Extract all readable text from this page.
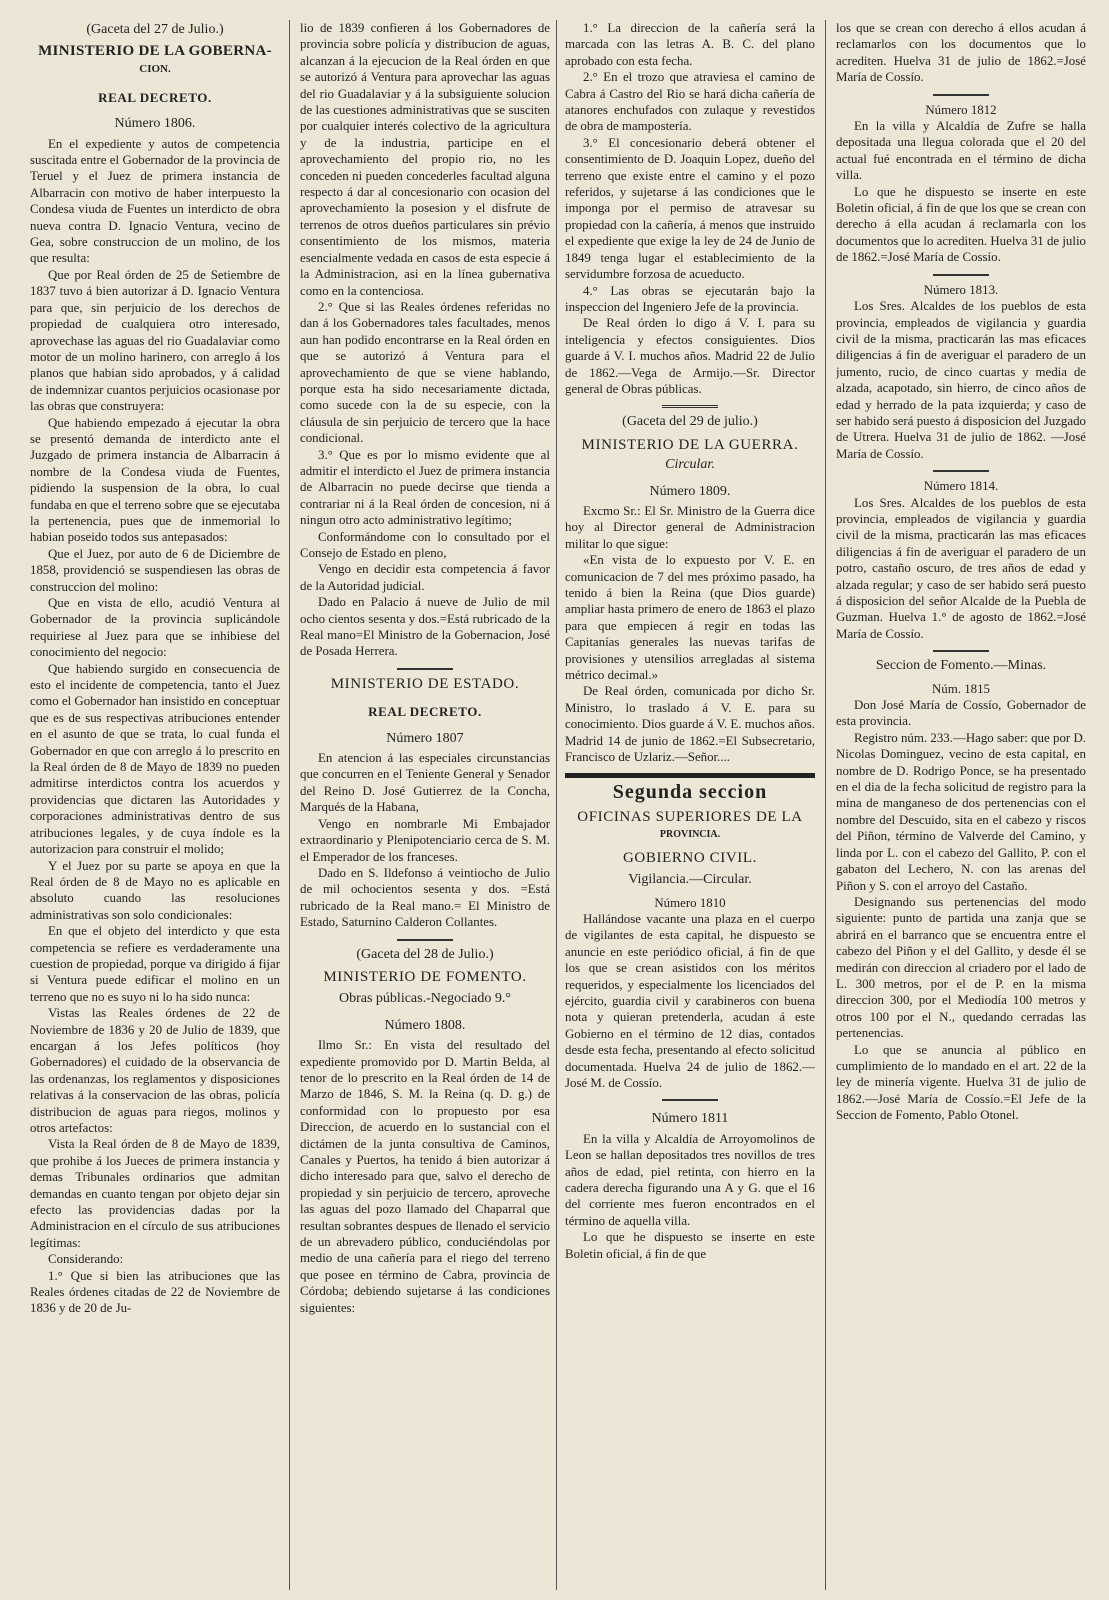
(Gaceta del 27 de Julio.)
MINISTERIO DE LA GOBERNA-
CION.
REAL DECRETO.
Número 1806.

En el expediente y autos de competencia suscitada entre el Gobernador de la provincia de Teruel y el Juez de primera instancia de Albarracin con motivo de haber interpuesto la Condesa viuda de Fuentes un interdicto de obra nueva contra D. Ignacio Ventura, vecino de Gea, sobre construccion de un molino, de los que resulta:

Que por Real órden de 25 de Setiembre de 1837 tuvo á bien autorizar á D. Ignacio Ventura para que, sin perjuicio de los derechos de propiedad de cualquiera otro interesado, aprovechase las aguas del rio Guadalaviar como motor de un molino harinero, con arreglo á los planos que habian sido aprobados, y á calidad de indemnizar cuantos perjuicios ocasionase por las obras que construyera:

Que habiendo empezado á ejecutar la obra se presentó demanda de interdicto ante el Juzgado de primera instancia de Albarracin á nombre de la Condesa viuda de Fuentes, pidiendo la suspension de la obra, lo cual fundaba en que el terreno sobre que se ejecutaba la pertenencia, pues que de inmemorial lo habian poseido todos sus antepasados:

Que el Juez, por auto de 6 de Diciembre de 1858, providenció se suspendiesen las obras de construccion del molino:

Que en vista de ello, acudió Ventura al Gobernador de la provincia suplicándole requiriese al Juez para que se inhibiese del conocimiento del negocio:

Que habiendo surgido en consecuencia de esto el incidente de competencia, tanto el Juez como el Gobernador han insistido en conceptuar que es de sus respectivas atribuciones entender en el asunto de que se trata, lo cual funda el Gobernador en que con arreglo á lo prescrito en la Real órden de 8 de Mayo de 1839 no pueden admitirse interdictos contra los acuerdos y providencias que dictaren las Autoridades y corporaciones administrativas dentro de sus atribuciones legales, y de cuya índole es la autorizacion para construir el molido;

Y el Juez por su parte se apoya en que la Real órden de 8 de Mayo no es aplicable en absoluto cuando las resoluciones administrativas son solo condicionales:

En que el objeto del interdicto y que esta competencia se refiere es verdaderamente una cuestion de propiedad, porque va dirigido á fijar si Ventura puede edificar el molino en un terreno que no es suyo ni lo ha sido nunca:

Vistas las Reales órdenes de 22 de Noviembre de 1836 y 20 de Julio de 1839, que encargan á los Jefes políticos (hoy Gobernadores) el cuidado de la observancia de las ordenanzas, los reglamentos y disposiciones relativas á la conservacion de las obras, policía distribucion de aguas para riegos, molinos y otros artefactos:

Vista la Real órden de 8 de Mayo de 1839, que prohibe á los Jueces de primera instancia y demas Tribunales ordinarios que admitan demandas en cuanto tengan por objeto dejar sin efecto las providencias dadas por la Administracion en el círculo de sus atribuciones legítimas:

Considerando:

1.° Que si bien las atribuciones que las Reales órdenes citadas de 22 de Noviembre de 1836 y de 20 de Ju-

lio de 1839 confieren á los Gobernadores de provincia sobre policía y distribucion de aguas, alcanzan á la ejecucion de la Real órden en que se autorizó á Ventura para aprovechar las aguas del rio Guadalaviar y á la subsiguiente solucion de las cuestiones administrativas que se susciten por cualquier interés colectivo de la agricultura y de la industria, participe en el aprovechamiento del propio rio, no les conceden ni pueden concederles facultad alguna respecto á dar al concesionario con ocasion del aprovechamiento la posesion y el disfrute de terrenos de otros dueños particulares sin prévio consentimiento de los mismos, materia esencialmente vedada en casos de esta especie á la Administracion, asi en la línea gubernativa como en la contenciosa.

2.° Que si las Reales órdenes referidas no dan á los Gobernadores tales facultades, menos aun han podido encontrarse en la Real órden en que se autorizó á Ventura para el aprovechamiento de que se viene hablando, porque esta ha sido necesariamente dictada, como sucede con la de su especie, con la cláusula de sin perjuicio de tercero que la hace condicional.

3.° Que es por lo mismo evidente que al admitir el interdicto el Juez de primera instancia de Albarracin no puede decirse que tienda a contrariar ni á la Real órden de concesion, ni á ningun otro acto administrativo legítimo;

Conformándome con lo consultado por el Consejo de Estado en pleno,

Vengo en decidir esta competencia á favor de la Autoridad judicial.

Dado en Palacio á nueve de Julio de mil ocho cientos sesenta y dos.=Está rubricado de la Real mano=El Ministro de la Gobernacion, José de Posada Herrera.

MINISTERIO DE ESTADO.
REAL DECRETO.
Número 1807

En atencion á las especiales circunstancias que concurren en el Teniente General y Senador del Reino D. José Gutierrez de la Concha, Marqués de la Habana,

Vengo en nombrarle Mi Embajador extraordinario y Plenipotenciario cerca de S. M. el Emperador de los franceses.

Dado en S. Ildefonso á veintiocho de Julio de mil ochocientos sesenta y dos. =Está rubricado de la Real mano.= El Ministro de Estado, Saturnino Calderon Collantes.

(Gaceta del 28 de Julio.)
MINISTERIO DE FOMENTO.
Obras públicas.-Negociado 9.°
Número 1808.

Ilmo Sr.: En vista del resultado del expediente promovido por D. Martin Belda, al tenor de lo prescrito en la Real órden de 14 de Marzo de 1846, S. M. la Reina (q. D. g.) de conformidad con lo propuesto por esa Direccion, de acuerdo en lo sustancial con el dictámen de la junta consultiva de Caminos, Canales y Puertos, ha tenido á bien autorizar á dicho interesado para que, salvo el derecho de propiedad y sin perjuicio de tercero, aproveche las aguas del pozo llamado del Chaparral que resultan sobrantes despues de llenado el servicio de un abrevadero público, conduciéndolas por medio de una cañería para el riego del terreno que posee en término de Cabra, provincia de Córdoba; debiendo sujetarse á las condiciones siguientes:

1.° La direccion de la cañería será la marcada con las letras A. B. C. del plano aprobado con esta fecha.

2.° En el trozo que atraviesa el camino de Cabra á Castro del Rio se hará dicha cañería de atanores enchufados con zulaque y revestidos de obra de mampostería.

3.° El concesionario deberá obtener el consentimiento de D. Joaquin Lopez, dueño del terreno que existe entre el camino y el pozo referidos, y sujetarse á las condiciones que le imponga por el permiso de atravesar su propiedad con la cañería, á menos que instruido el expediente que exige la ley de 24 de Junio de 1849 tenga lugar el establecimiento de la servidumbre forzosa de acueducto.

4.° Las obras se ejecutarán bajo la inspeccion del Ingeniero Jefe de la provincia.

De Real órden lo digo á V. I. para su inteligencia y efectos consiguientes. Dios guarde á V. I. muchos años. Madrid 22 de Julio de 1862.—Vega de Armijo.—Sr. Director general de Obras públicas.

(Gaceta del 29 de julio.)
MINISTERIO DE LA GUERRA.
Circular.
Número 1809.

Excmo Sr.: El Sr. Ministro de la Guerra dice hoy al Director general de Administracion militar lo que sigue:

«En vista de lo expuesto por V. E. en comunicacion de 7 del mes próximo pasado, ha tenido á bien la Reina (que Dios guarde) ampliar hasta primero de enero de 1863 el plazo para que empiecen á regir en todas las Capitanías generales las nuevas tarifas de provisiones y utensilios arregladas al sistema métrico decimal.»

De Real órden, comunicada por dicho Sr. Ministro, lo traslado á V. E. para su conocimiento. Dios guarde á V. E. muchos años. Madrid 14 de junio de 1862.=El Subsecretario, Francisco de Uzlariz.—Señor....

Segunda seccion
OFICINAS SUPERIORES DE LA
PROVINCIA.
GOBIERNO CIVIL.
Vigilancia.—Circular.
Número 1810

Hallándose vacante una plaza en el cuerpo de vigilantes de esta capital, he dispuesto se anuncie en este periódico oficial, á fin de que los que se crean asistidos con los méritos requeridos, y especialmente los licenciados del ejército, guardia civil y carabineros con buena nota y quieran pretenderla, acudan á este Gobierno en el término de 12 dias, contados desde esta fecha, presentando al efecto solicitud documentada. Huelva 24 de julio de 1862.—José M. de Cossío.

Número 1811

En la villa y Alcaldía de Arroyomolinos de Leon se hallan depositados tres novillos de tres años de edad, piel retinta, con hierro en la cadera derecha figurando una A y G. que el 16 del corriente mes fueron encontrados en el término de aquella villa.

Lo que he dispuesto se inserte en este Boletin oficial, á fin de que

los que se crean con derecho á ellos acudan á reclamarlos con los documentos que lo acrediten. Huelva 31 de julio de 1862.=José María de Cossío.

Número 1812

En la villa y Alcaldía de Zufre se halla depositada una llegua colorada que el 20 del actual fué encontrada en el término de dicha villa.

Lo que he dispuesto se inserte en este Boletin oficial, á fin de que los que se crean con derecho á ella acudan á reclamarla con los documentos que lo acrediten. Huelva 31 de julio de 1862.=José María de Cossío.

Número 1813.

Los Sres. Alcaldes de los pueblos de esta provincia, empleados de vigilancia y guardia civil de la misma, practicarán las mas eficaces diligencias á fin de averiguar el paradero de un jumento, rucio, de cinco cuartas y media de alzada, acapotado, sin hierro, de cinco años de edad y herrado de la pata izquierda; y caso de ser habido será puesto á disposicion del Juzgado de Utrera. Huelva 31 de julio de 1862. —José María de Cossío.

Número 1814.

Los Sres. Alcaldes de los pueblos de esta provincia, empleados de vigilancia y guardia civil de la misma, practicarán las mas eficaces diligencias á fin de averiguar el paradero de un potro, castaño oscuro, de tres años de edad y alzada regular; y caso de ser habido será puesto á disposicion del señor Alcalde de la Puebla de Guzman. Huelva 1.° de agosto de 1862.=José María de Cossío.

Seccion de Fomento.—Minas.
Núm. 1815

Don José María de Cossío, Gobernador de esta provincia.

Registro núm. 233.—Hago saber: que por D. Nicolas Dominguez, vecino de esta capital, en nombre de D. Rodrigo Ponce, se ha presentado en el dia de la fecha solicitud de registro para la mina de manganeso de dos pertenencias con el nombre del Descuido, sita en el cabezo y riscos del Piñon, término de Valverde del Camino, y linda por L. con el cabezo del Gallito, P. con el gabaton del Lechero, N. con las arenas del Piñon y S. con el arroyo del Castaño.

Designando sus pertenencias del modo siguiente: punto de partida una zanja que se abrirá en el barranco que se encuentra entre el cabezo del Piñon y el del Gallito, y desde él se medirán con direccion al criadero por el lado de L. 300 metros, por el de P. en la misma direccion 300, por el Mediodía 100 metros y otros 100 por el N., quedando cerradas las pertenencias.

Lo que se anuncia al público en cumplimiento de lo mandado en el art. 22 de la ley de minería vigente. Huelva 31 de julio de 1862.—José María de Cossío.=El Jefe de la Seccion de Fomento, Pablo Otonel.
